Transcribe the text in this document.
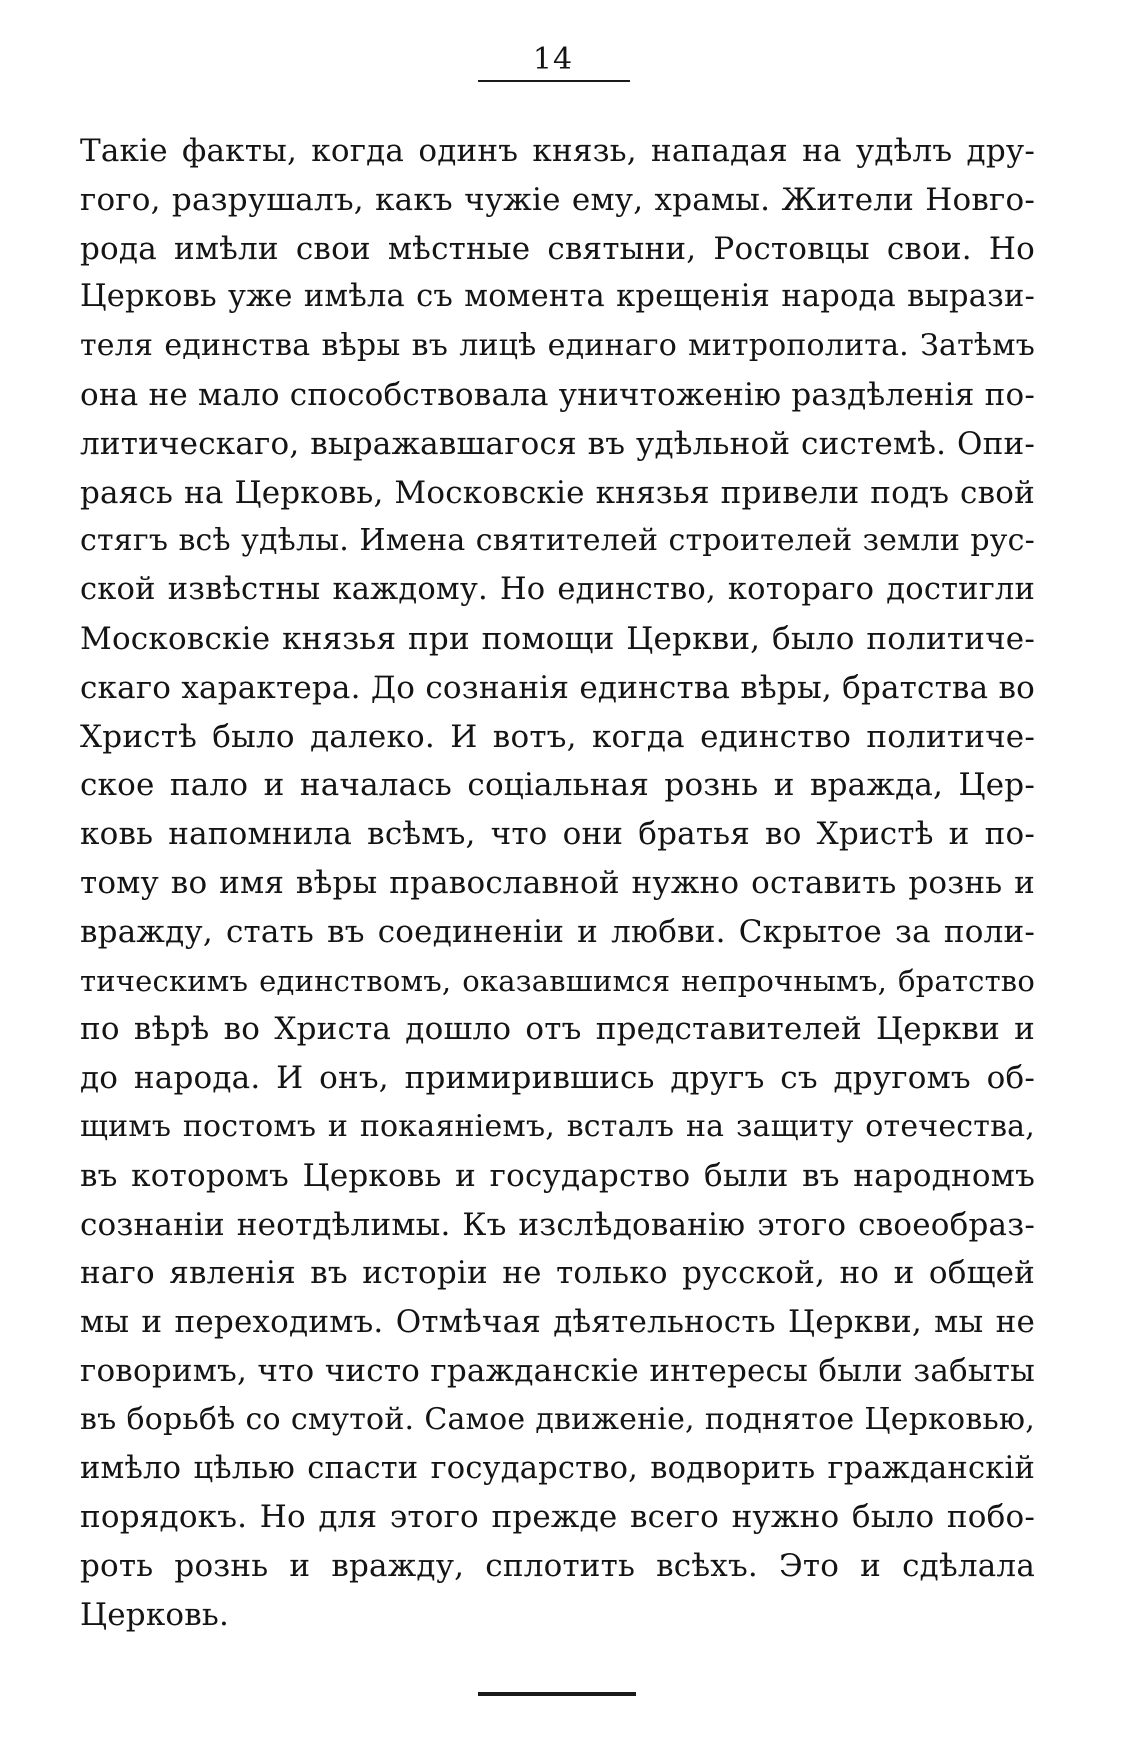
14
Такіе факты, когда одинъ князь, нападая на удѣлъ дру-
гого, разрушалъ, какъ чужіе ему, храмы. Жители Новго-
рода имѣли свои мѣстные святыни, Ростовцы свои. Но
Церковь уже имѣла съ момента крещенія народа вырази-
теля единства вѣры въ лицѣ единаго митрополита. Затѣмъ
она не мало способствовала уничтоженію раздѣленія по-
литическаго, выражавшагося въ удѣльной системѣ. Опи-
раясь на Церковь, Московскіе князья привели подъ свой
стягъ всѣ удѣлы. Имена святителей строителей земли рус-
ской извѣстны каждому. Но единство, котораго достигли
Московскіе князья при помощи Церкви, было политиче-
скаго характера. До сознанія единства вѣры, братства во
Христѣ было далеко. И вотъ, когда единство политиче-
ское пало и началась соціальная рознь и вражда, Цер-
ковь напомнила всѣмъ, что они братья во Христѣ и по-
тому во имя вѣры православной нужно оставить рознь и
вражду, стать въ соединеніи и любви. Скрытое за поли-
тическимъ единствомъ, оказавшимся непрочнымъ, братство
по вѣрѣ во Христа дошло отъ представителей Церкви и
до народа. И онъ, примирившись другъ съ другомъ об-
щимъ постомъ и покаяніемъ, всталъ на защиту отечества,
въ которомъ Церковь и государство были въ народномъ
сознаніи неотдѣлимы. Къ изслѣдованію этого своеобраз-
наго явленія въ исторіи не только русской, но и общей
мы и переходимъ. Отмѣчая дѣятельность Церкви, мы не
говоримъ, что чисто гражданскіе интересы были забыты
въ борьбѣ со смутой. Самое движеніе, поднятое Церковью,
имѣло цѣлью спасти государство, водворить гражданскій
порядокъ. Но для этого прежде всего нужно было побо-
роть рознь и вражду, сплотить всѣхъ. Это и сдѣлала
Церковь.
